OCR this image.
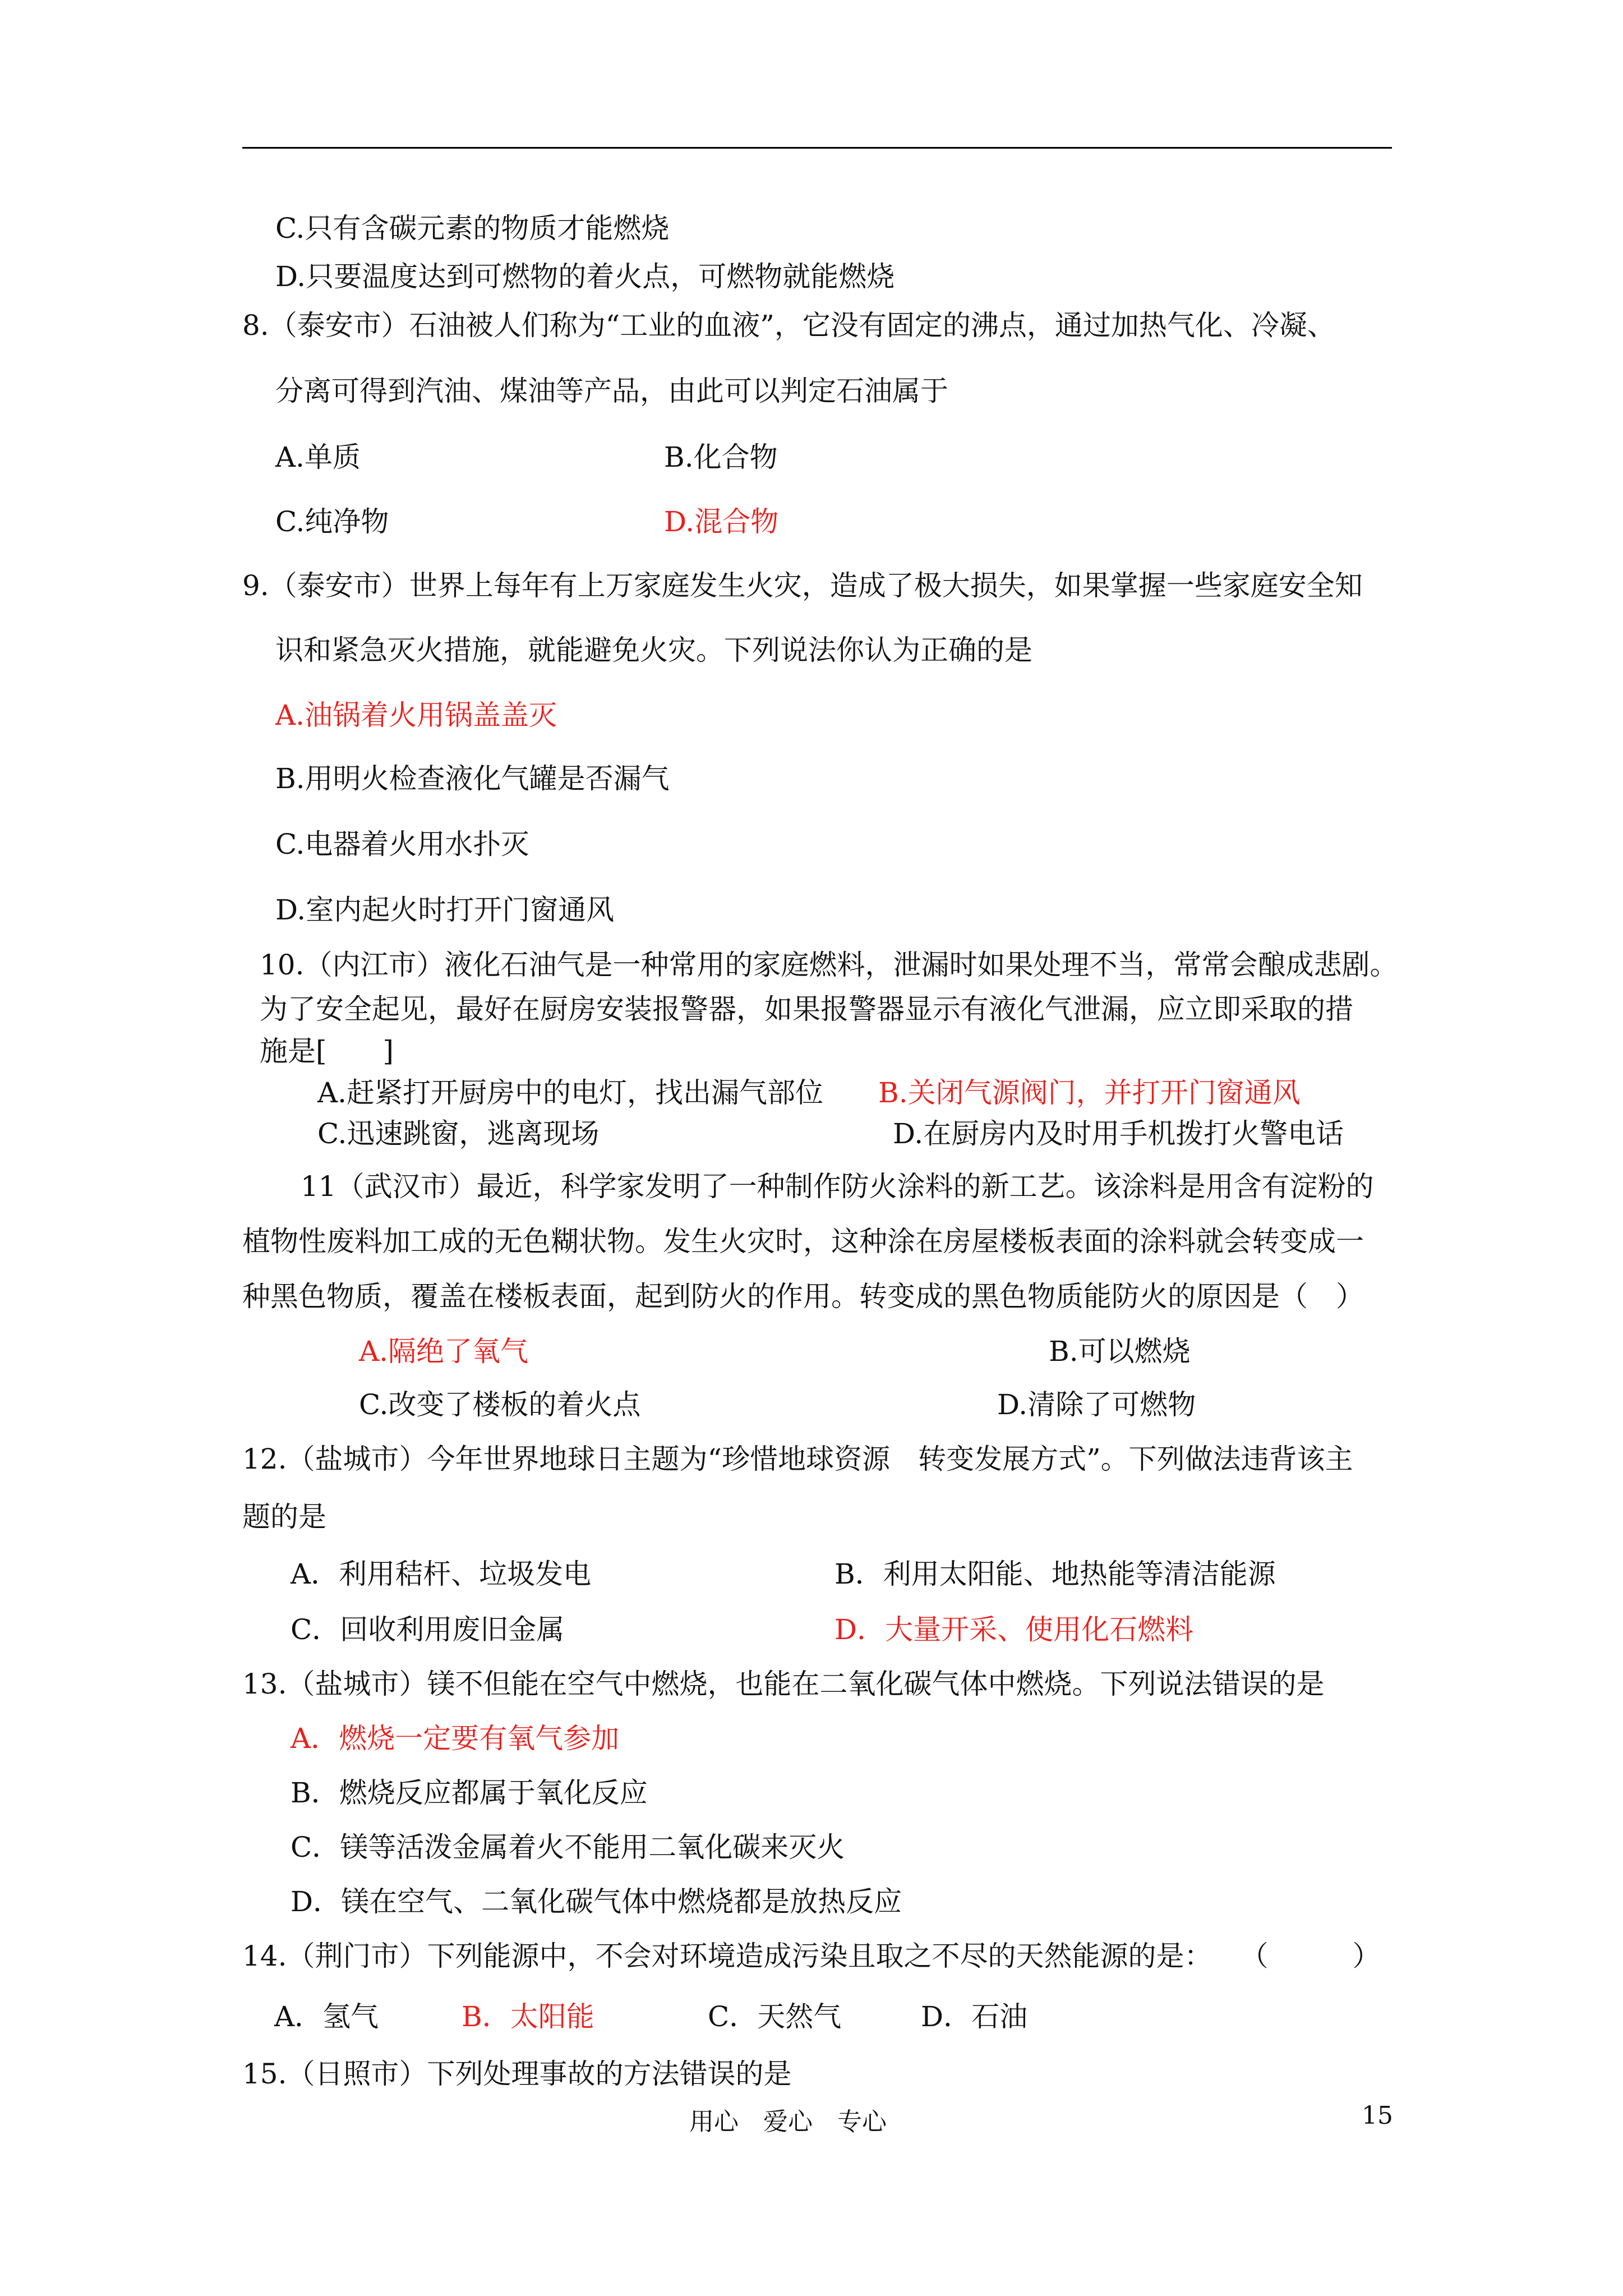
C.只有含碳元素的物质才能燃烧
D.只要温度达到可燃物的着火点，可燃物就能燃烧
8.（泰安市）石油被人们称为“工业的血液”，它没有固定的沸点，通过加热气化、冷凝、
分离可得到汽油、煤油等产品，由此可以判定石油属于
A.单质	B.化合物
C.纯净物	D.混合物
9.（泰安市）世界上每年有上万家庭发生火灾，造成了极大损失，如果掌握一些家庭安全知
识和紧急灭火措施，就能避免火灾。下列说法你认为正确的是
A.油锅着火用锅盖盖灭
B.用明火检查液化气罐是否漏气
C.电器着火用水扑灭
D.室内起火时打开门窗通风
10.（内江市）液化石油气是一种常用的家庭燃料，泄漏时如果处理不当，常常会酿成悲剧。
为了安全起见，最好在厨房安装报警器，如果报警器显示有液化气泄漏，应立即采取的措
施是[　　]
A.赶紧打开厨房中的电灯，找出漏气部位 B.关闭气源阀门，并打开门窗通风
C.迅速跳窗，逃离现场	D.在厨房内及时用手机拨打火警电话
11（武汉市）最近，科学家发明了一种制作防火涂料的新工艺。该涂料是用含有淀粉的
植物性废料加工成的无色糊状物。发生火灾时，这种涂在房屋楼板表面的涂料就会转变成一
种黑色物质，覆盖在楼板表面，起到防火的作用。转变成的黑色物质能防火的原因是（　）
A.隔绝了氧气	B.可以燃烧
C.改变了楼板的着火点	D.清除了可燃物
12.（盐城市）今年世界地球日主题为“珍惜地球资源　转变发展方式”。下列做法违背该主
题的是
A．利用秸杆、垃圾发电	B．利用太阳能、地热能等清洁能源
C．回收利用废旧金属	D．大量开采、使用化石燃料
13.（盐城市）镁不但能在空气中燃烧，也能在二氧化碳气体中燃烧。下列说法错误的是
A．燃烧一定要有氧气参加
B．燃烧反应都属于氧化反应
C．镁等活泼金属着火不能用二氧化碳来灭火
D．镁在空气、二氧化碳气体中燃烧都是放热反应
14.（荆门市）下列能源中，不会对环境造成污染且取之不尽的天然能源的是：　　（　　　）
A．氢气	B．太阳能	C．天然气	D．石油
15.（日照市）下列处理事故的方法错误的是
用心　爱心　专心	15
